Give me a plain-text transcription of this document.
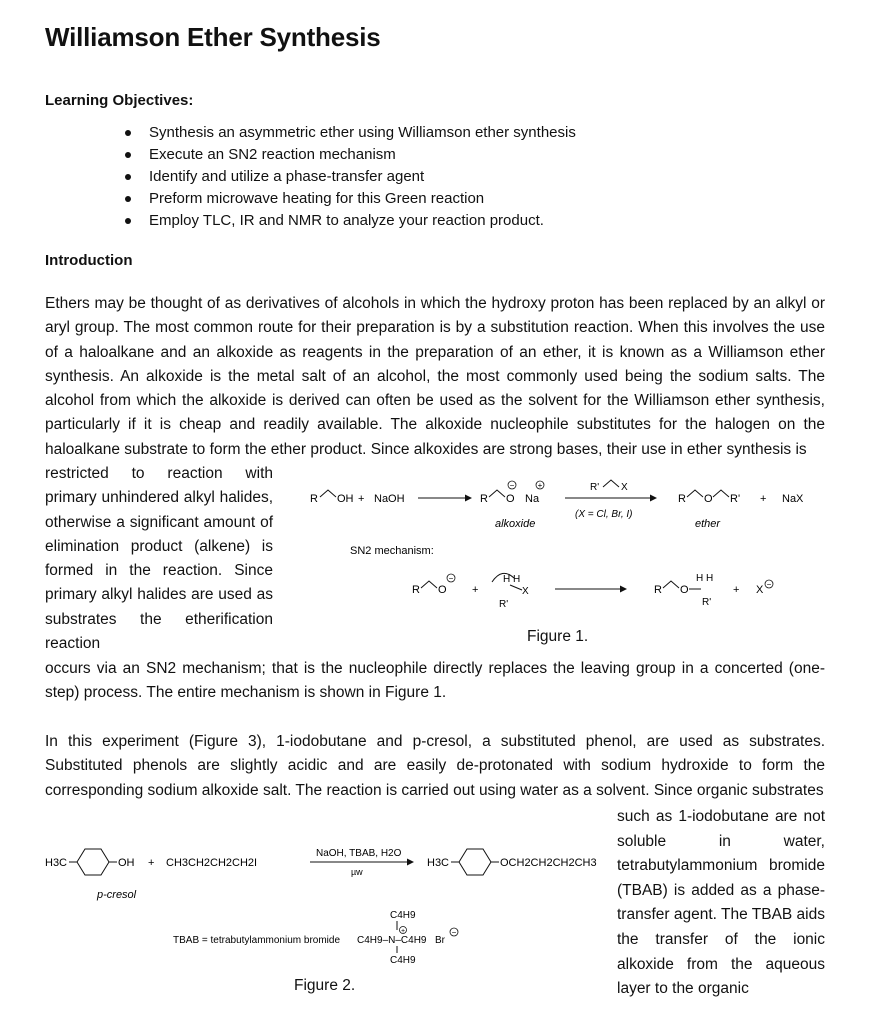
Williamson Ether Synthesis
Learning Objectives:
Synthesis an asymmetric ether using Williamson ether synthesis
Execute an SN2 reaction mechanism
Identify and utilize a phase-transfer agent
Preform microwave heating for this Green reaction
Employ TLC, IR and NMR to analyze your reaction product.
Introduction
Ethers may be thought of as derivatives of alcohols in which the hydroxy proton has been replaced by an alkyl or aryl group. The most common route for their preparation is by a substitution reaction. When this involves the use of a haloalkane and an alkoxide as reagents in the preparation of an ether, it is known as a Williamson ether synthesis. An alkoxide is the metal salt of an alcohol, the most commonly used being the sodium salts. The alcohol from which the alkoxide is derived can often be used as the solvent for the Williamson ether synthesis, particularly if it is cheap and readily available. The alkoxide nucleophile substitutes for the halogen on the haloalkane substrate to form the ether product. Since alkoxides are strong bases, their use in ether synthesis is
restricted to reaction with primary unhindered alkyl halides, otherwise a significant amount of elimination product (alkene) is formed in the reaction. Since primary alkyl halides are used as substrates the etherification reaction
occurs via an SN2 mechanism; that is the nucleophile directly replaces the leaving group in a concerted (one-step) process. The entire mechanism is shown in Figure 1.
R OH + NaOH	R O
−
Na
+
alkoxide
R' X
(X = Cl, Br, I)
R O R' + NaX
ether
SN2 mechanism:
R O
−
+
H H
R'
X	R O
H H
R'
+ X −
Figure 1.
In this experiment (Figure 3), 1-iodobutane and p-cresol, a substituted phenol, are used as substrates. Substituted phenols are slightly acidic and are easily de-protonated with sodium hydroxide to form the corresponding sodium alkoxide salt. The reaction is carried out using water as a solvent. Since organic substrates
such as 1-iodobutane are not soluble in water, tetrabutylammonium bromide (TBAB) is added as a phase-transfer agent. The TBAB aids the transfer of the ionic alkoxide from the aqueous layer to the organic
H3C	OH + CH3CH2CH2CH2I
NaOH, TBAB, H2O
µw
H3C	OCH2CH2CH2CH3
p-cresol
C4H9
TBAB = tetrabutylammonium bromide C4H9–N–C4H9
+
Br
−
C4H9
Figure 2.
